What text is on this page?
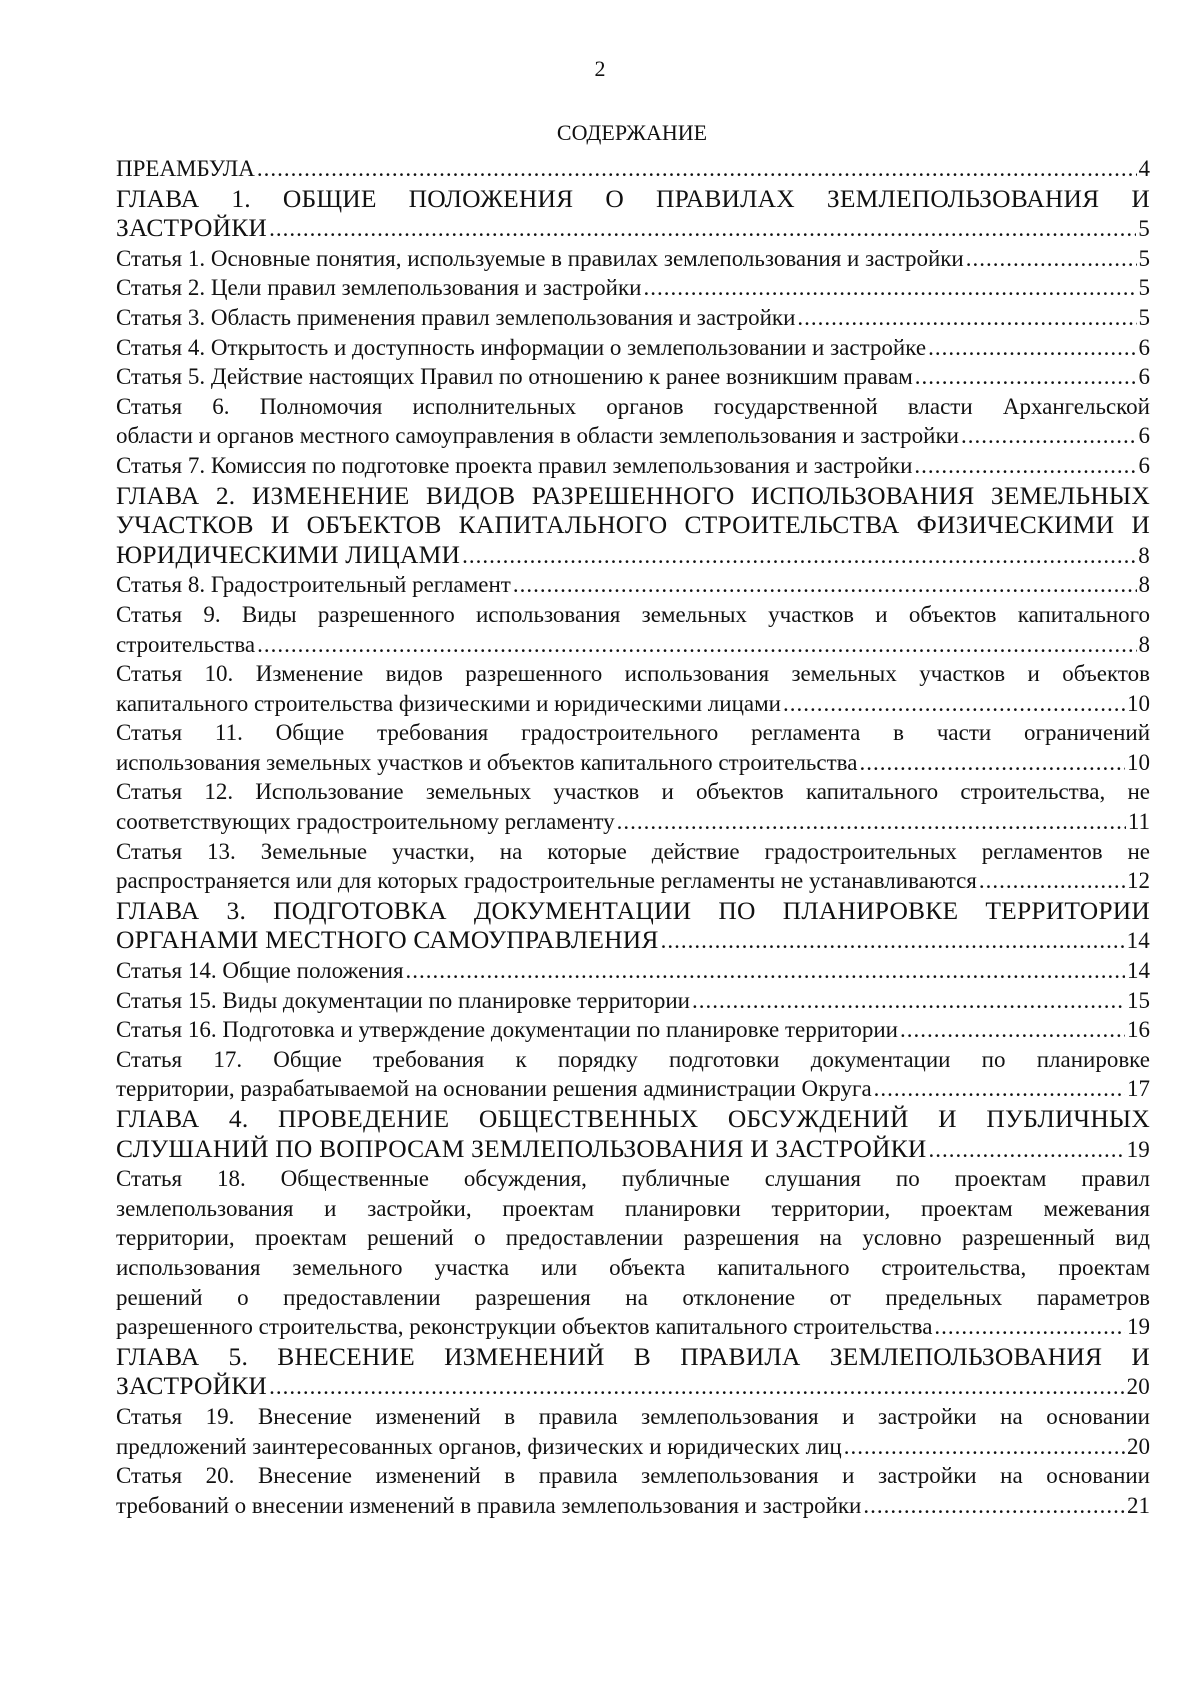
2
СОДЕРЖАНИЕ
ПРЕАМБУЛА .....	4
ГЛАВА 1. ОБЩИЕ ПОЛОЖЕНИЯ О ПРАВИЛАХ ЗЕМЛЕПОЛЬЗОВАНИЯ И
ЗАСТРОЙКИ .....	5
Статья 1. Основные понятия, используемые в правилах землепользования и застройки .....	5
Статья 2. Цели правил землепользования и застройки .....	5
Статья 3. Область применения правил землепользования и застройки .....	5
Статья 4. Открытость и доступность информации о землепользовании и застройке .....	6
Статья 5. Действие настоящих Правил по отношению к ранее возникшим правам .....	6
Статья 6. Полномочия исполнительных органов государственной власти Архангельской
области и органов местного самоуправления в области землепользования и застройки .....	6
Статья 7. Комиссия по подготовке проекта правил землепользования и застройки .....	6
ГЛАВА 2. ИЗМЕНЕНИЕ ВИДОВ РАЗРЕШЕННОГО ИСПОЛЬЗОВАНИЯ ЗЕМЕЛЬНЫХ
УЧАСТКОВ И ОБЪЕКТОВ КАПИТАЛЬНОГО СТРОИТЕЛЬСТВА ФИЗИЧЕСКИМИ И
ЮРИДИЧЕСКИМИ ЛИЦАМИ .....	8
Статья 8. Градостроительный регламент .....	8
Статья 9. Виды разрешенного использования земельных участков и объектов капитального
строительства .....	8
Статья 10. Изменение видов разрешенного использования земельных участков и объектов
капитального строительства физическими и юридическими лицами .....	10
Статья 11. Общие требования градостроительного регламента в части ограничений
использования земельных участков и объектов капитального строительства .....	10
Статья 12. Использование земельных участков и объектов капитального строительства, не
соответствующих градостроительному регламенту .....	11
Статья 13. Земельные участки, на которые действие градостроительных регламентов не
распространяется или для которых градостроительные регламенты не устанавливаются .....	12
ГЛАВА 3. ПОДГОТОВКА ДОКУМЕНТАЦИИ ПО ПЛАНИРОВКЕ ТЕРРИТОРИИ
ОРГАНАМИ МЕСТНОГО САМОУПРАВЛЕНИЯ .....	14
Статья 14. Общие положения .....	14
Статья 15. Виды документации по планировке территории .....	15
Статья 16. Подготовка и утверждение документации по планировке территории .....	16
Статья 17. Общие требования к порядку подготовки документации по планировке
территории, разрабатываемой на основании решения администрации Округа .....	17
ГЛАВА 4. ПРОВЕДЕНИЕ ОБЩЕСТВЕННЫХ ОБСУЖДЕНИЙ И ПУБЛИЧНЫХ
СЛУШАНИЙ ПО ВОПРОСАМ ЗЕМЛЕПОЛЬЗОВАНИЯ И ЗАСТРОЙКИ .....	19
Статья 18. Общественные обсуждения, публичные слушания по проектам правил
землепользования и застройки, проектам планировки территории, проектам межевания
территории, проектам решений о предоставлении разрешения на условно разрешенный вид
использования земельного участка или объекта капитального строительства, проектам
решений о предоставлении разрешения на отклонение от предельных параметров
разрешенного строительства, реконструкции объектов капитального строительства .....	19
ГЛАВА 5. ВНЕСЕНИЕ ИЗМЕНЕНИЙ В ПРАВИЛА ЗЕМЛЕПОЛЬЗОВАНИЯ И
ЗАСТРОЙКИ .....	20
Статья 19. Внесение изменений в правила землепользования и застройки на основании
предложений заинтересованных органов, физических и юридических лиц .....	20
Статья 20. Внесение изменений в правила землепользования и застройки на основании
требований о внесении изменений в правила землепользования и застройки .....	21
